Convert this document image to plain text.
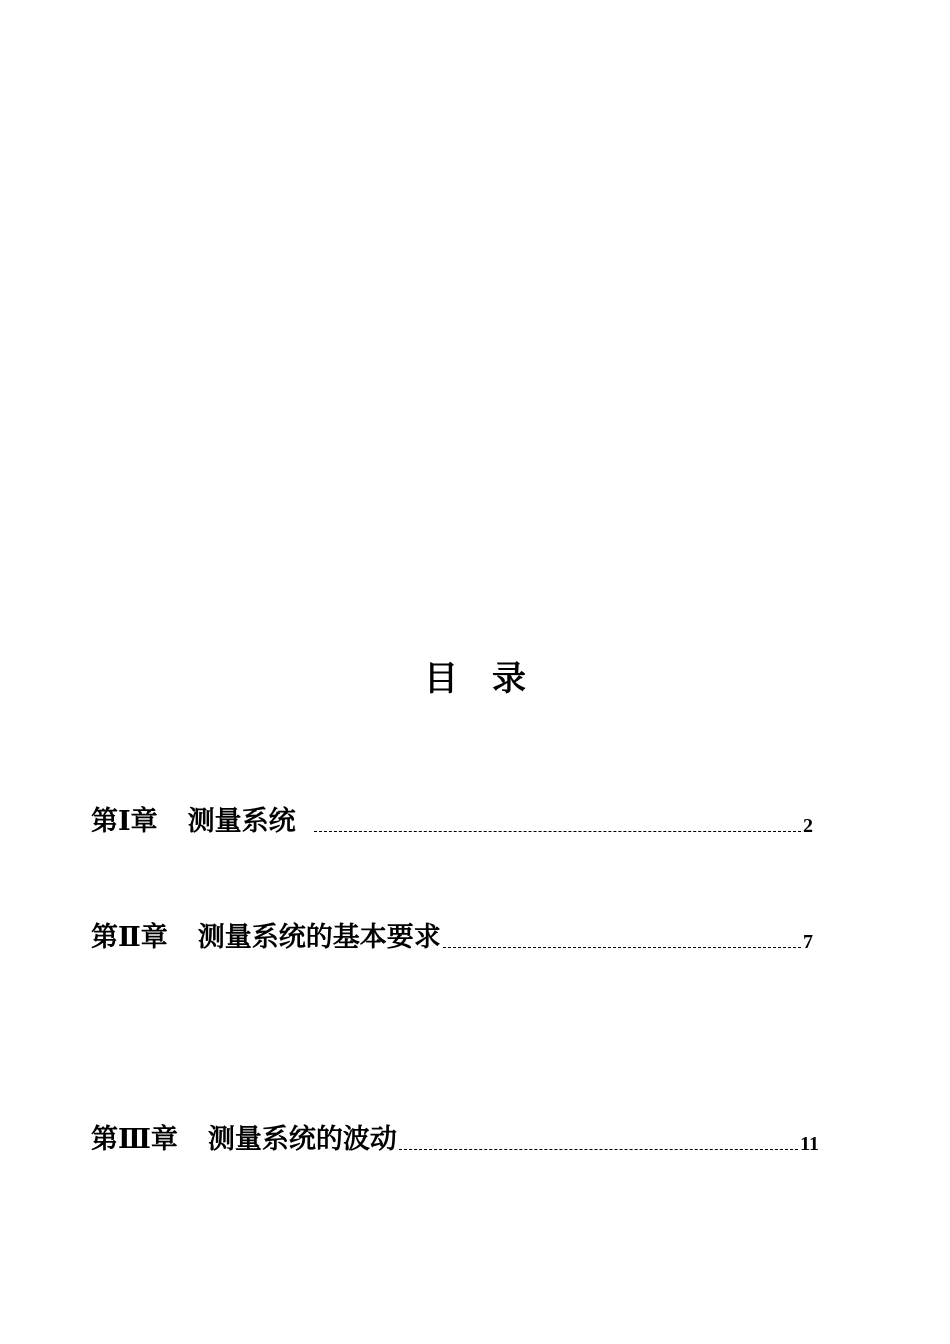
目 录
第Ⅰ章 测量系统	2
第Ⅱ章 测量系统的基本要求	7
第Ⅲ章 测量系统的波动	11
